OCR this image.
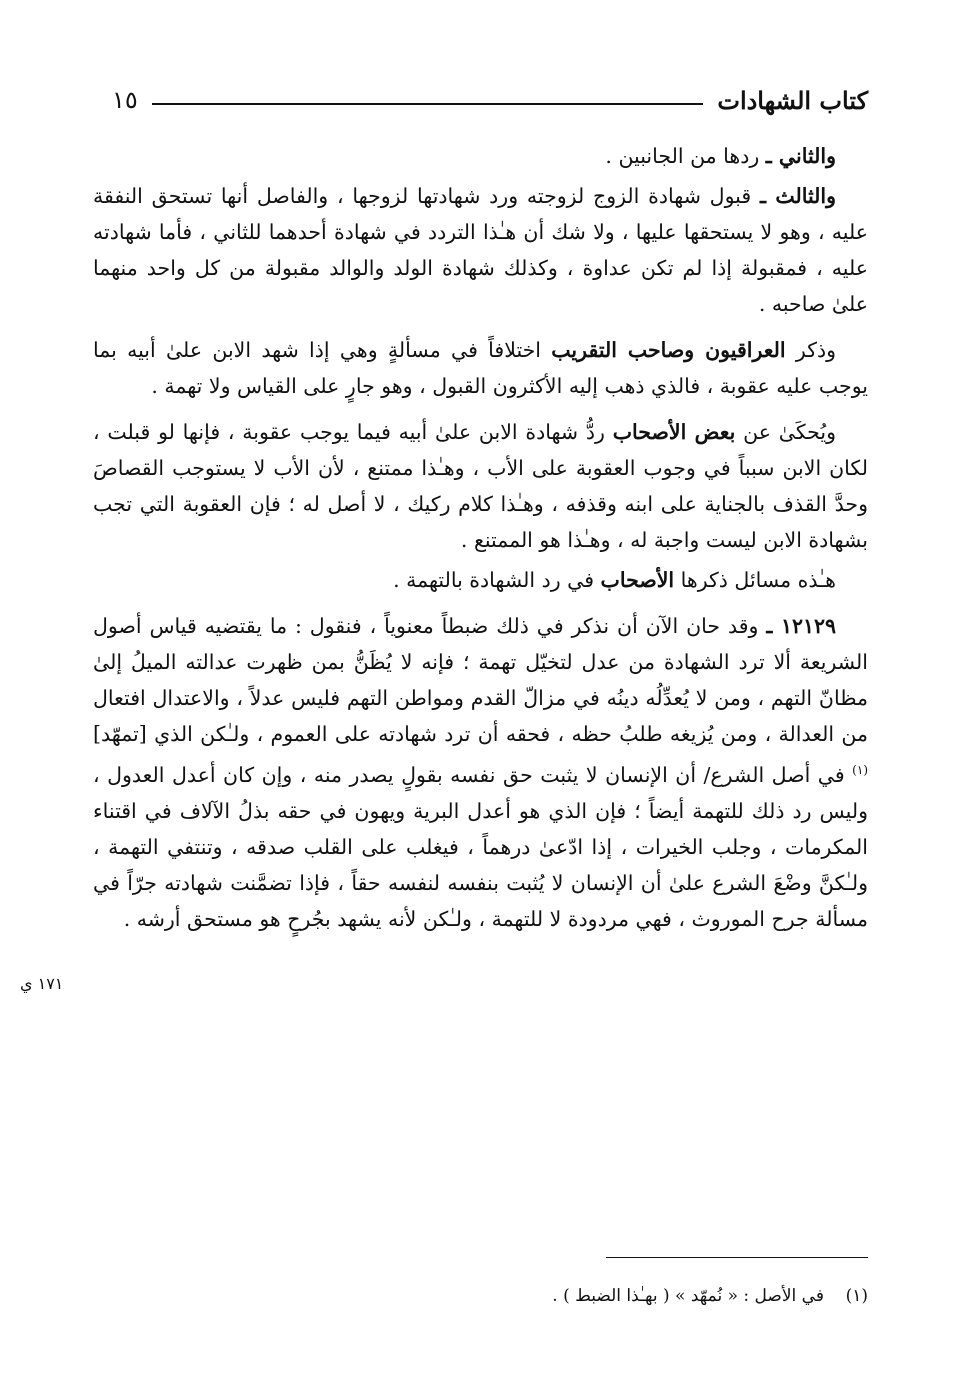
كتاب الشهادات
١٥

والثاني ـ ردها من الجانبين .

والثالث ـ قبول شهادة الزوج لزوجته ورد شهادتها لزوجها ، والفاصل أنها تستحق النفقة عليه ، وهو لا يستحقها عليها ، ولا شك أن هـٰذا التردد في شهادة أحدهما للثاني ، فأما شهادته عليه ، فمقبولة إذا لم تكن عداوة ، وكذلك شهادة الولد والوالد مقبولة من كل واحد منهما علىٰ صاحبه .

وذكر العراقيون وصاحب التقريب اختلافاً في مسألةٍ وهي إذا شهد الابن علىٰ أبيه بما يوجب عليه عقوبة ، فالذي ذهب إليه الأكثرون القبول ، وهو جارٍ على القياس ولا تهمة .

ويُحكَىٰ عن بعض الأصحاب ردُّ شهادة الابن علىٰ أبيه فيما يوجب عقوبة ، فإنها لو قبلت ، لكان الابن سبباً في وجوب العقوبة على الأب ، وهـٰذا ممتنع ، لأن الأب لا يستوجب القصاصَ وحدَّ القذف بالجناية على ابنه وقذفه ، وهـٰذا كلام ركيك ، لا أصل له ؛ فإن العقوبة التي تجب بشهادة الابن ليست واجبة له ، وهـٰذا هو الممتنع .

هـٰذه مسائل ذكرها الأصحاب في رد الشهادة بالتهمة .

١٢١٢٩ ـ وقد حان الآن أن نذكر في ذلك ضبطاً معنوياً ، فنقول : ما يقتضيه قياس أصول الشريعة ألا ترد الشهادة من عدل لتخيّل تهمة ؛ فإنه لا يُظَنُّ بمن ظهرت عدالته الميلُ إلىٰ مظانّ التهم ، ومن لا يُعدِّلُه دينُه في مزالّ القدم ومواطن التهم فليس عدلاً ، والاعتدال افتعال من العدالة ، ومن يُزيغه طلبُ حظه ، فحقه أن ترد شهادته على العموم ، ولـٰكن الذي [تمهّد]$^{(١)}$ في أصل الشرع/ أن الإنسان لا يثبت حق نفسه بقولٍ يصدر منه ، وإن كان أعدل العدول ، وليس رد ذلك للتهمة أيضاً ؛ فإن الذي هو أعدل البرية ويهون في حقه بذلُ الآلاف في اقتناء المكرمات ، وجلب الخيرات ، إذا ادّعىٰ درهماً ، فيغلب على القلب صدقه ، وتنتفي التهمة ، ولـٰكنَّ وضْعَ الشرع علىٰ أن الإنسان لا يُثبت بنفسه لنفسه حقاً ، فإذا تضمَّنت شهادته جرّاً في مسألة جرح الموروث ، فهي مردودة لا للتهمة ، ولـٰكن لأنه يشهد بجُرحٍ هو مستحق أرشه .

١٧١ ي
(١)    في الأصل : « نُمهّد » ( بهـٰذا الضبط ) .
